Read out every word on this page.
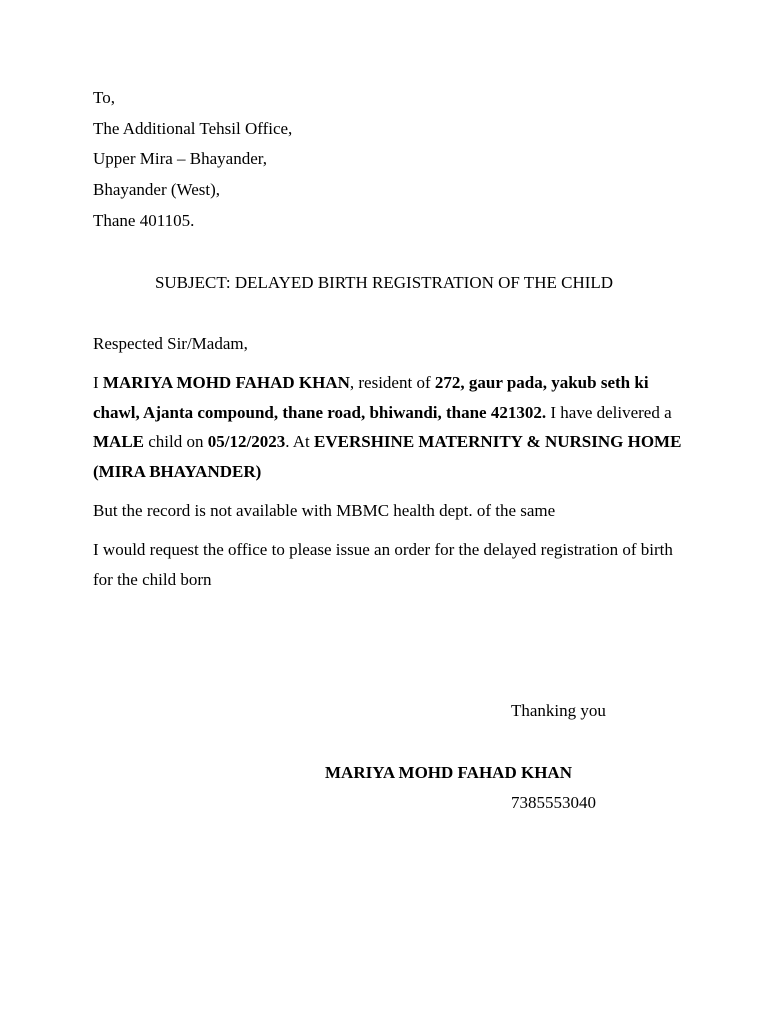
To,
The Additional Tehsil Office,
Upper Mira – Bhayander,
Bhayander (West),
Thane 401105.
SUBJECT: DELAYED BIRTH REGISTRATION OF THE CHILD
Respected Sir/Madam,

I MARIYA MOHD FAHAD KHAN, resident of 272, gaur pada, yakub seth ki chawl, Ajanta compound, thane road, bhiwandi, thane 421302. I have delivered a MALE child on 05/12/2023. At EVERSHINE MATERNITY & NURSING HOME (MIRA BHAYANDER)

But the record is not available with MBMC health dept. of the same

I would request the office to please issue an order for the delayed registration of birth for the child born

Thanking you
MARIYA MOHD FAHAD KHAN
7385553040
